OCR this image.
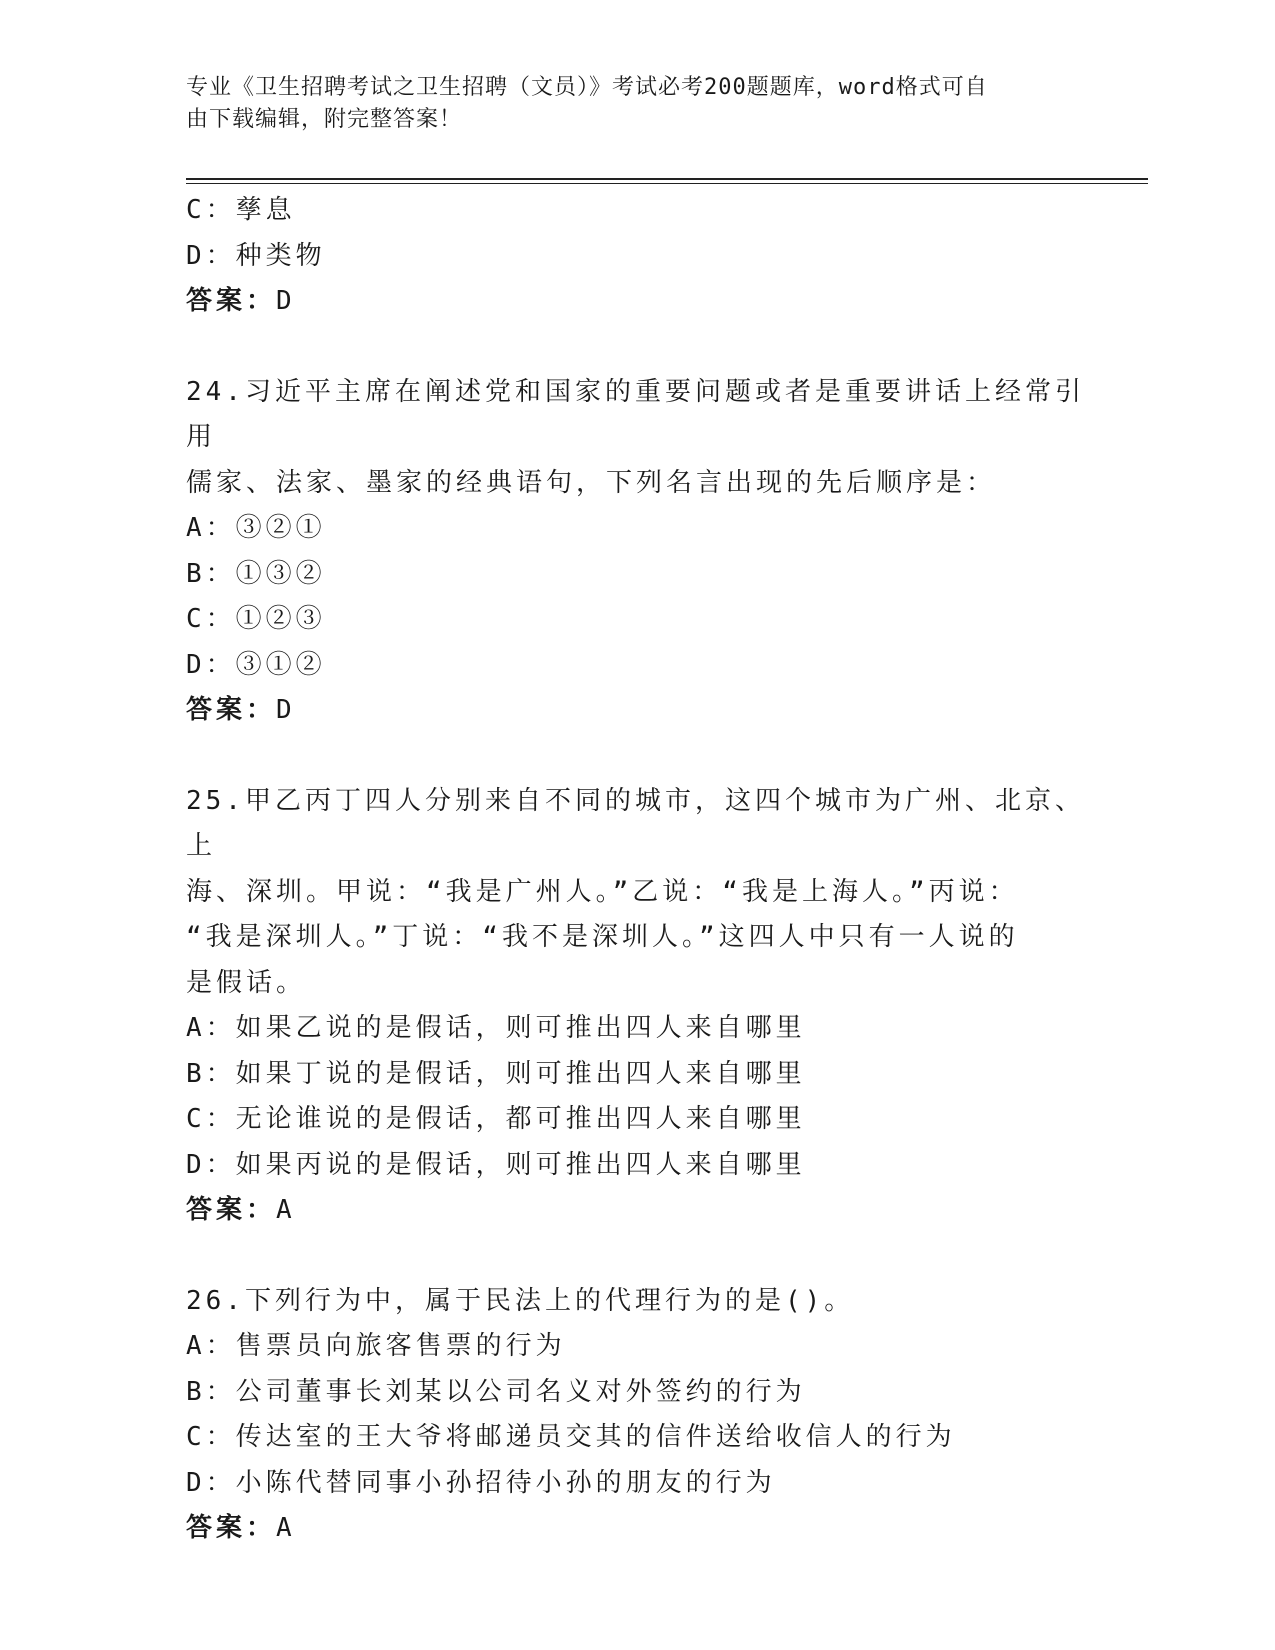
专业《卫生招聘考试之卫生招聘（文员）》考试必考200题题库，word格式可自
由下载编辑，附完整答案！
C：孳息
D：种类物
答案：D
24.习近平主席在阐述党和国家的重要问题或者是重要讲话上经常引用
儒家、法家、墨家的经典语句，下列名言出现的先后顺序是：
A：③②①
B：①③②
C：①②③
D：③①②
答案：D
25.甲乙丙丁四人分别来自不同的城市，这四个城市为广州、北京、上
海、深圳。甲说：“我是广州人。”乙说：“我是上海人。”丙说：
“我是深圳人。”丁说：“我不是深圳人。”这四人中只有一人说的
是假话。
A：如果乙说的是假话，则可推出四人来自哪里
B：如果丁说的是假话，则可推出四人来自哪里
C：无论谁说的是假话，都可推出四人来自哪里
D：如果丙说的是假话，则可推出四人来自哪里
答案：A
26.下列行为中，属于民法上的代理行为的是()。
A：售票员向旅客售票的行为
B：公司董事长刘某以公司名义对外签约的行为
C：传达室的王大爷将邮递员交其的信件送给收信人的行为
D：小陈代替同事小孙招待小孙的朋友的行为
答案：A
